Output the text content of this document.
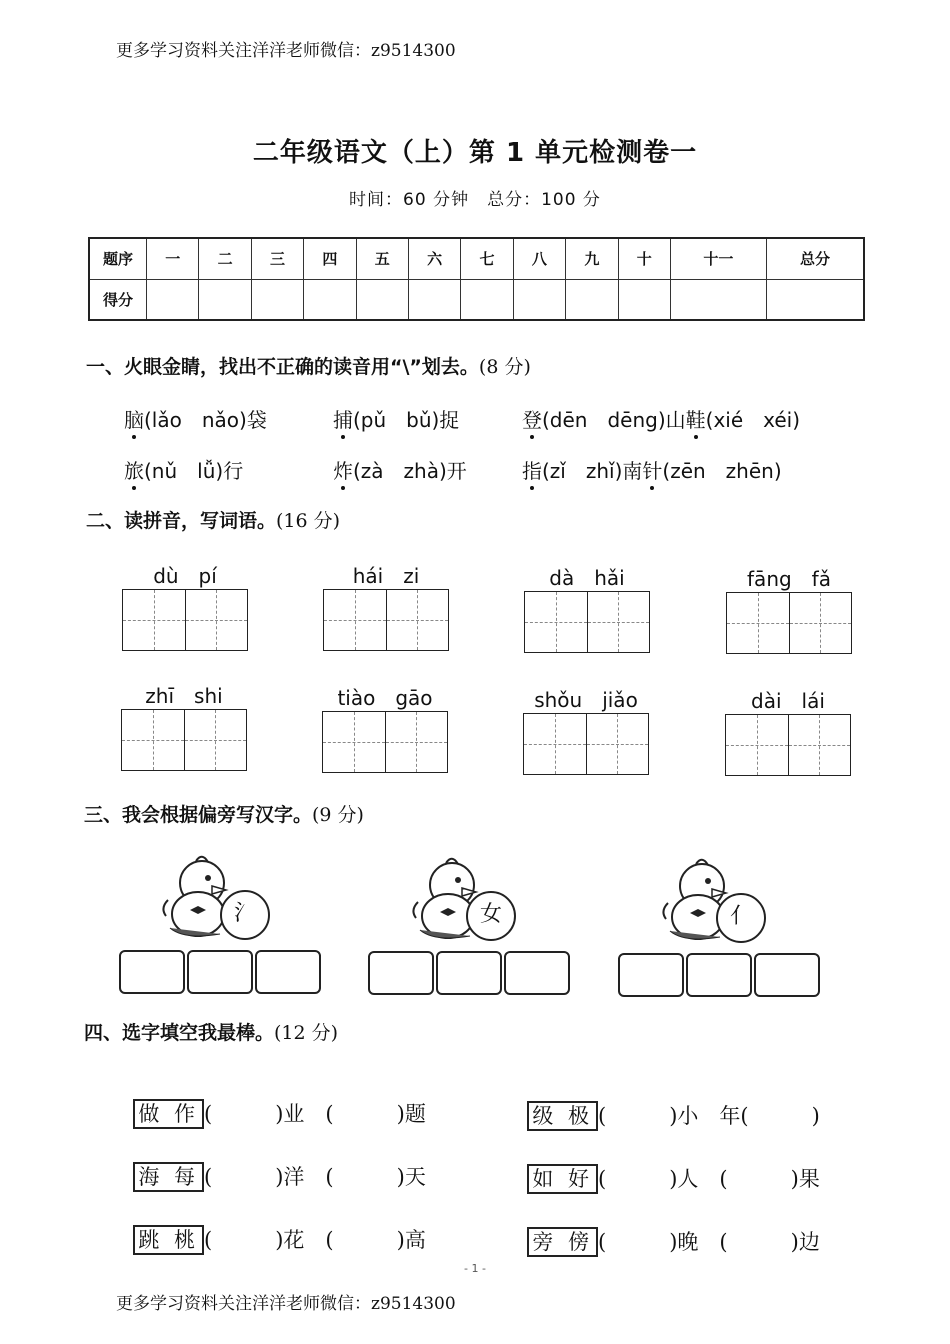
更多学习资料关注洋洋老师微信：z9514300
二年级语文（上）第 1 单元检测卷一
时间：60 分钟　总分：100 分
题序	一	二	三	四	五	六	七	八	九	十	十一	总分
得分												
一、火眼金睛，找出不正确的读音用“\”划去。(8 分)
脑(lǎo　nǎo)袋	捕(pǔ　bǔ)捉	登(dēn　dēng)山鞋(xié　xéi)
旅(nǔ　lǚ)行	炸(zà　zhà)开	指(zǐ　zhǐ)南针(zēn　zhēn)
二、读拼音，写词语。(16 分)
dù　pí	hái　zi	dà　hǎi	fāng　fǎ
zhī　shi	tiào　gāo	shǒu　jiǎo	dài　lái
三、我会根据偏旁写汉字。(9 分)
氵	女	亻
四、选字填空我最棒。(12 分)

做 作 (　　　)业　(　　　)题	级 极 (　　　)小　年(　　　)

海 每 (　　　)洋　(　　　)天	如 好 (　　　)人　(　　　)果

跳 桃 (　　　)花　(　　　)高	旁 傍 (　　　)晚　(　　　)边

- 1 -
更多学习资料关注洋洋老师微信：z9514300
